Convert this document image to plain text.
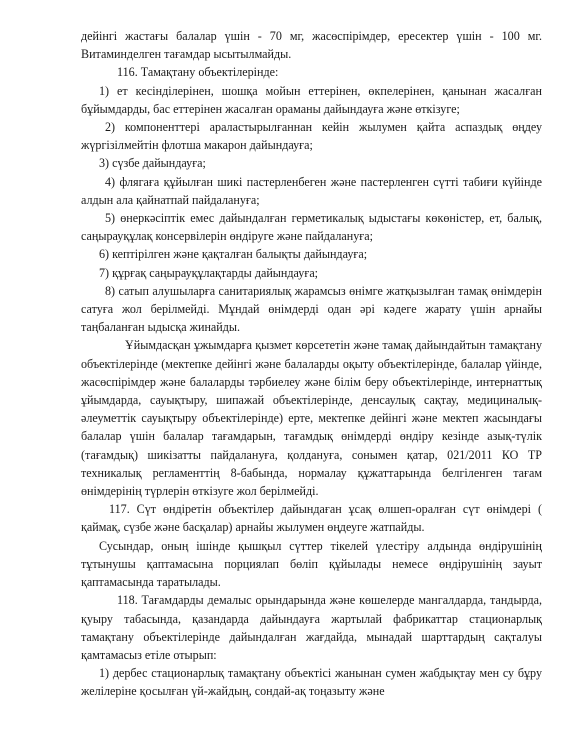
дейінгі жастағы балалар үшін - 70 мг, жасөспірімдер, ересектер үшін - 100 мг. Витаминделген тағамдар ысытылмайды.

116. Тамақтану объектілерінде:

1) ет кесінділерінен, шошқа мойын еттерінен, өкпелерінен, қанынан жасалған бұйымдарды, бас еттерінен жасалған ораманы дайындауға және өткізуге;

2) компоненттері араластырылғаннан кейін жылумен қайта аспаздық өңдеу жүргізілмейтін флотша макарон дайындауға;

3) сүзбе дайындауға;

4) флягаға құйылған шикі пастерленбеген және пастерленген сүтті табиғи күйінде алдын ала қайнатпай пайдалануға;

5) өнеркәсіптік емес дайындалған герметикалық ыдыстағы көкөністер, ет, балық, саңырауқұлақ консервілерін өндіруге және пайдалануға;

6) кептірілген және қақталған балықты дайындауға;

7) құрғақ саңырауқұлақтарды дайындауға;

8) сатып алушыларға санитариялық жарамсыз өнімге жатқызылған тамақ өнімдерін сатуға жол берілмейді. Мұндай өнімдерді одан әрі кәдеге жарату үшін арнайы таңбаланған ыдысқа жинайды.

Ұйымдасқан ұжымдарға қызмет көрсететін және тамақ дайындайтын тамақтану объектілерінде (мектепке дейінгі және балаларды оқыту объектілерінде, балалар үйінде, жасөспірімдер және балаларды тәрбиелеу және білім беру объектілерінде, интернаттық ұйымдарда, сауықтыру, шипажай объектілерінде, денсаулық сақтау, медициналық-әлеуметтік сауықтыру объектілерінде) ерте, мектепке дейінгі және мектеп жасындағы балалар үшін балалар тағамдарын, тағамдық өнімдерді өндіру кезінде азық-түлік (тағамдық) шикізатты пайдалануға, қолдануға, сонымен қатар, 021/2011 КО ТР техникалық регламенттің 8-бабында, нормалау құжаттарында белгіленген тағам өнімдерінің түрлерін өткізуге жол берілмейді.

117. Сүт өндіретін объектілер дайындаған ұсақ өлшеп-оралған сүт өнімдері ( қаймақ, сүзбе және басқалар) арнайы жылумен өңдеуге жатпайды.

Сусындар, оның ішінде қышқыл сүттер тікелей үлестіру алдында өндірушінің тұтынушы қаптамасына порциялап бөліп құйылады немесе өндірушінің зауыт қаптамасында таратылады.

118. Тағамдарды демалыс орындарында және көшелерде мангалдарда, тандырда, қуыру табасында, қазандарда дайындауға жартылай фабрикаттар стационарлық тамақтану объектілерінде дайындалған жағдайда, мынадай шарттардың сақталуы қамтамасыз етіле отырып:

1) дербес стационарлық тамақтану объектісі жанынан сумен жабдықтау мен су бұру желілеріне қосылған үй-жайдың, сондай-ақ тоңазыту және
